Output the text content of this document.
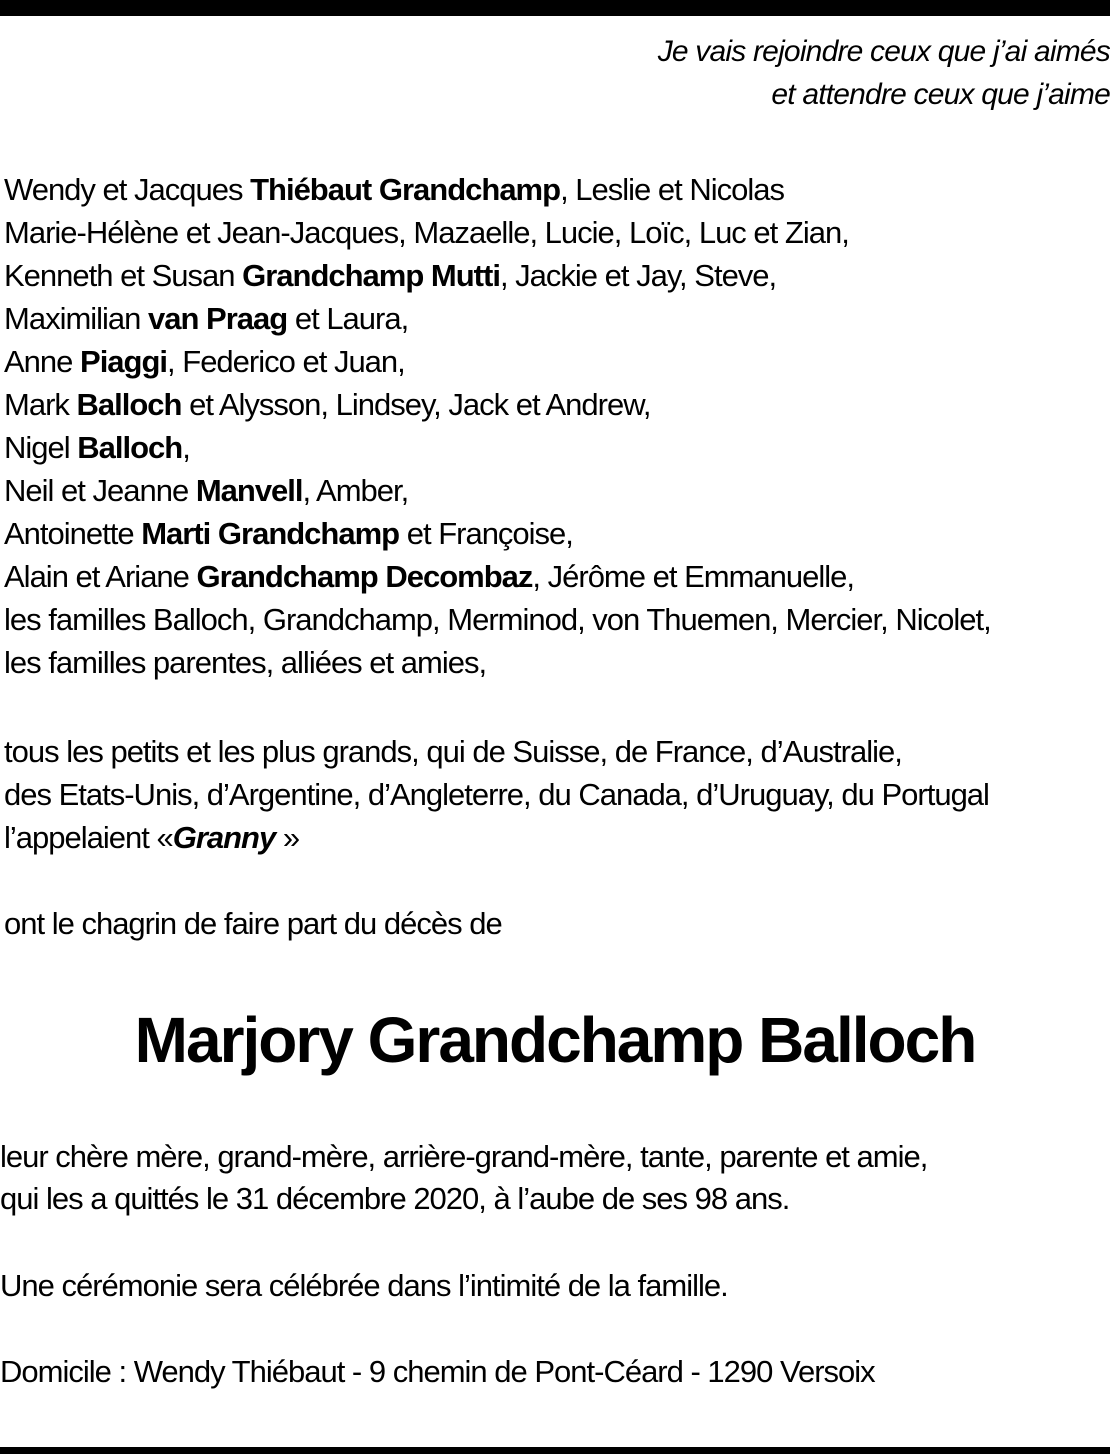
Je vais rejoindre ceux que j’ai aimés
et attendre ceux que j’aime
Wendy et Jacques Thiébaut Grandchamp, Leslie et Nicolas
Marie-Hélène et Jean-Jacques, Mazaelle, Lucie, Loïc, Luc et Zian,
Kenneth et Susan Grandchamp Mutti, Jackie et Jay, Steve,
Maximilian van Praag et Laura,
Anne Piaggi, Federico et Juan,
Mark Balloch et Alysson, Lindsey, Jack et Andrew,
Nigel Balloch,
Neil et Jeanne Manvell, Amber,
Antoinette Marti Grandchamp et Françoise,
Alain et Ariane Grandchamp Decombaz, Jérôme et Emmanuelle,
les familles Balloch, Grandchamp, Merminod, von Thuemen, Mercier, Nicolet,
les familles parentes, alliées et amies,
tous les petits et les plus grands, qui de Suisse, de France, d’Australie,
des Etats-Unis, d’Argentine, d’Angleterre, du Canada, d’Uruguay, du Portugal
l’appelaient «Granny »
ont le chagrin de faire part du décès de
Marjory Grandchamp Balloch
leur chère mère, grand-mère, arrière-grand-mère, tante, parente et amie,
qui les a quittés le 31 décembre 2020, à l’aube de ses 98 ans.
Une cérémonie sera célébrée dans l’intimité de la famille.
Domicile : Wendy Thiébaut - 9 chemin de Pont-Céard - 1290 Versoix
